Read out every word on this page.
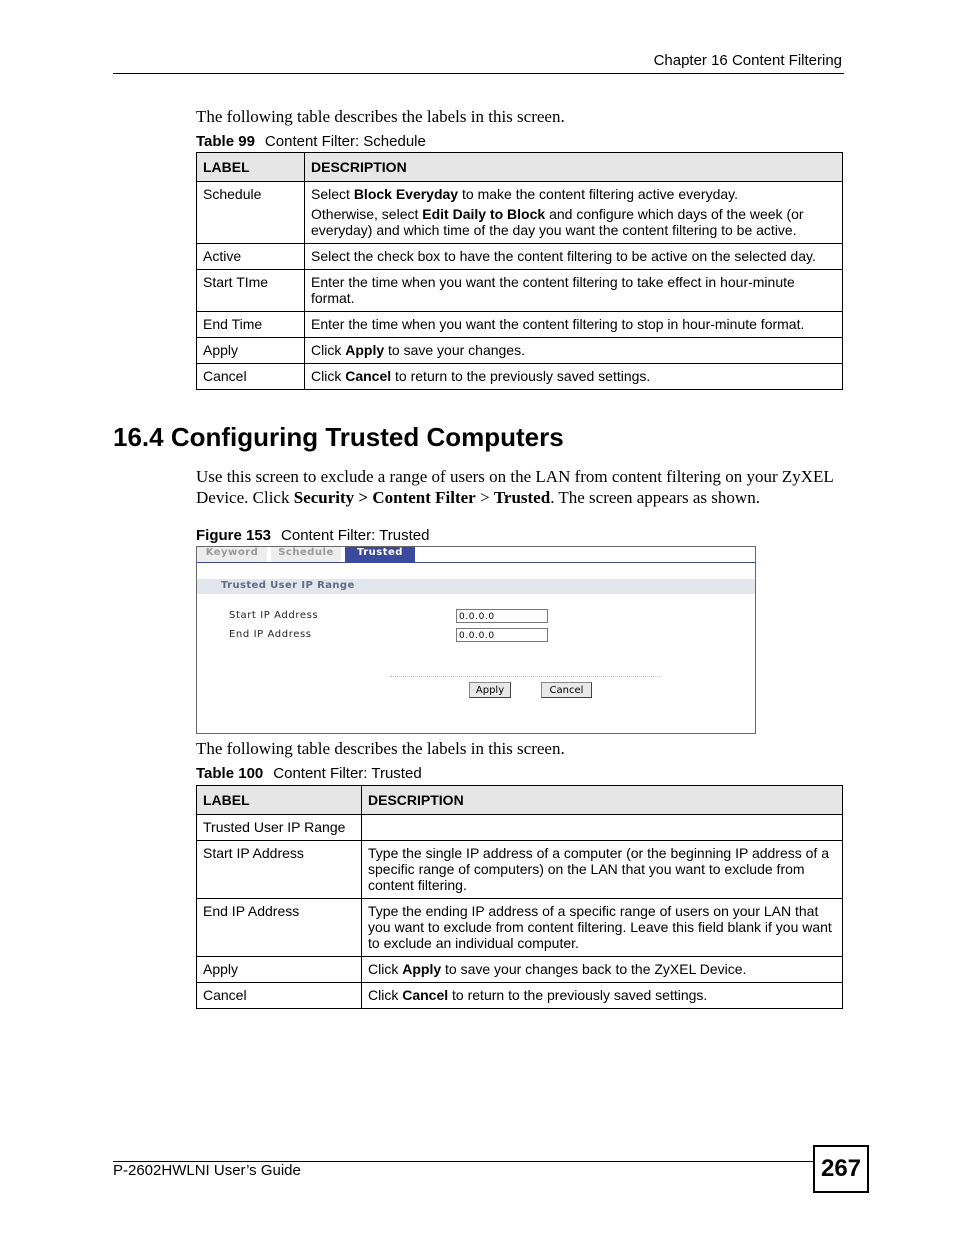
Chapter 16 Content Filtering
The following table describes the labels in this screen.
Table 99 Content Filter: Schedule
LABEL	DESCRIPTION
Schedule	Select Block Everyday to make the content filtering active everyday.

Otherwise, select Edit Daily to Block and configure which days of the week (or everyday) and which time of the day you want the content filtering to be active.

Active	Select the check box to have the content filtering to be active on the selected day.
Start TIme	Enter the time when you want the content filtering to take effect in hour-minute format.
End Time	Enter the time when you want the content filtering to stop in hour-minute format.
Apply	Click Apply to save your changes.
Cancel	Click Cancel to return to the previously saved settings.
16.4 Configuring Trusted Computers
Use this screen to exclude a range of users on the LAN from content filtering on your ZyXEL Device. Click Security > Content Filter > Trusted. The screen appears as shown.
Figure 153 Content Filter: Trusted
Keyword	Schedule	Trusted
Trusted User IP Range
Start IP Address	0.0.0.0
End IP Address	0.0.0.0
Apply	Cancel
The following table describes the labels in this screen.
Table 100 Content Filter: Trusted
LABEL	DESCRIPTION
Trusted User IP Range	
Start IP Address	Type the single IP address of a computer (or the beginning IP address of a specific range of computers) on the LAN that you want to exclude from content filtering.
End IP Address	Type the ending IP address of a specific range of users on your LAN that you want to exclude from content filtering. Leave this field blank if you want to exclude an individual computer.
Apply	Click Apply to save your changes back to the ZyXEL Device.
Cancel	Click Cancel to return to the previously saved settings.
P-2602HWLNI User’s Guide	267
